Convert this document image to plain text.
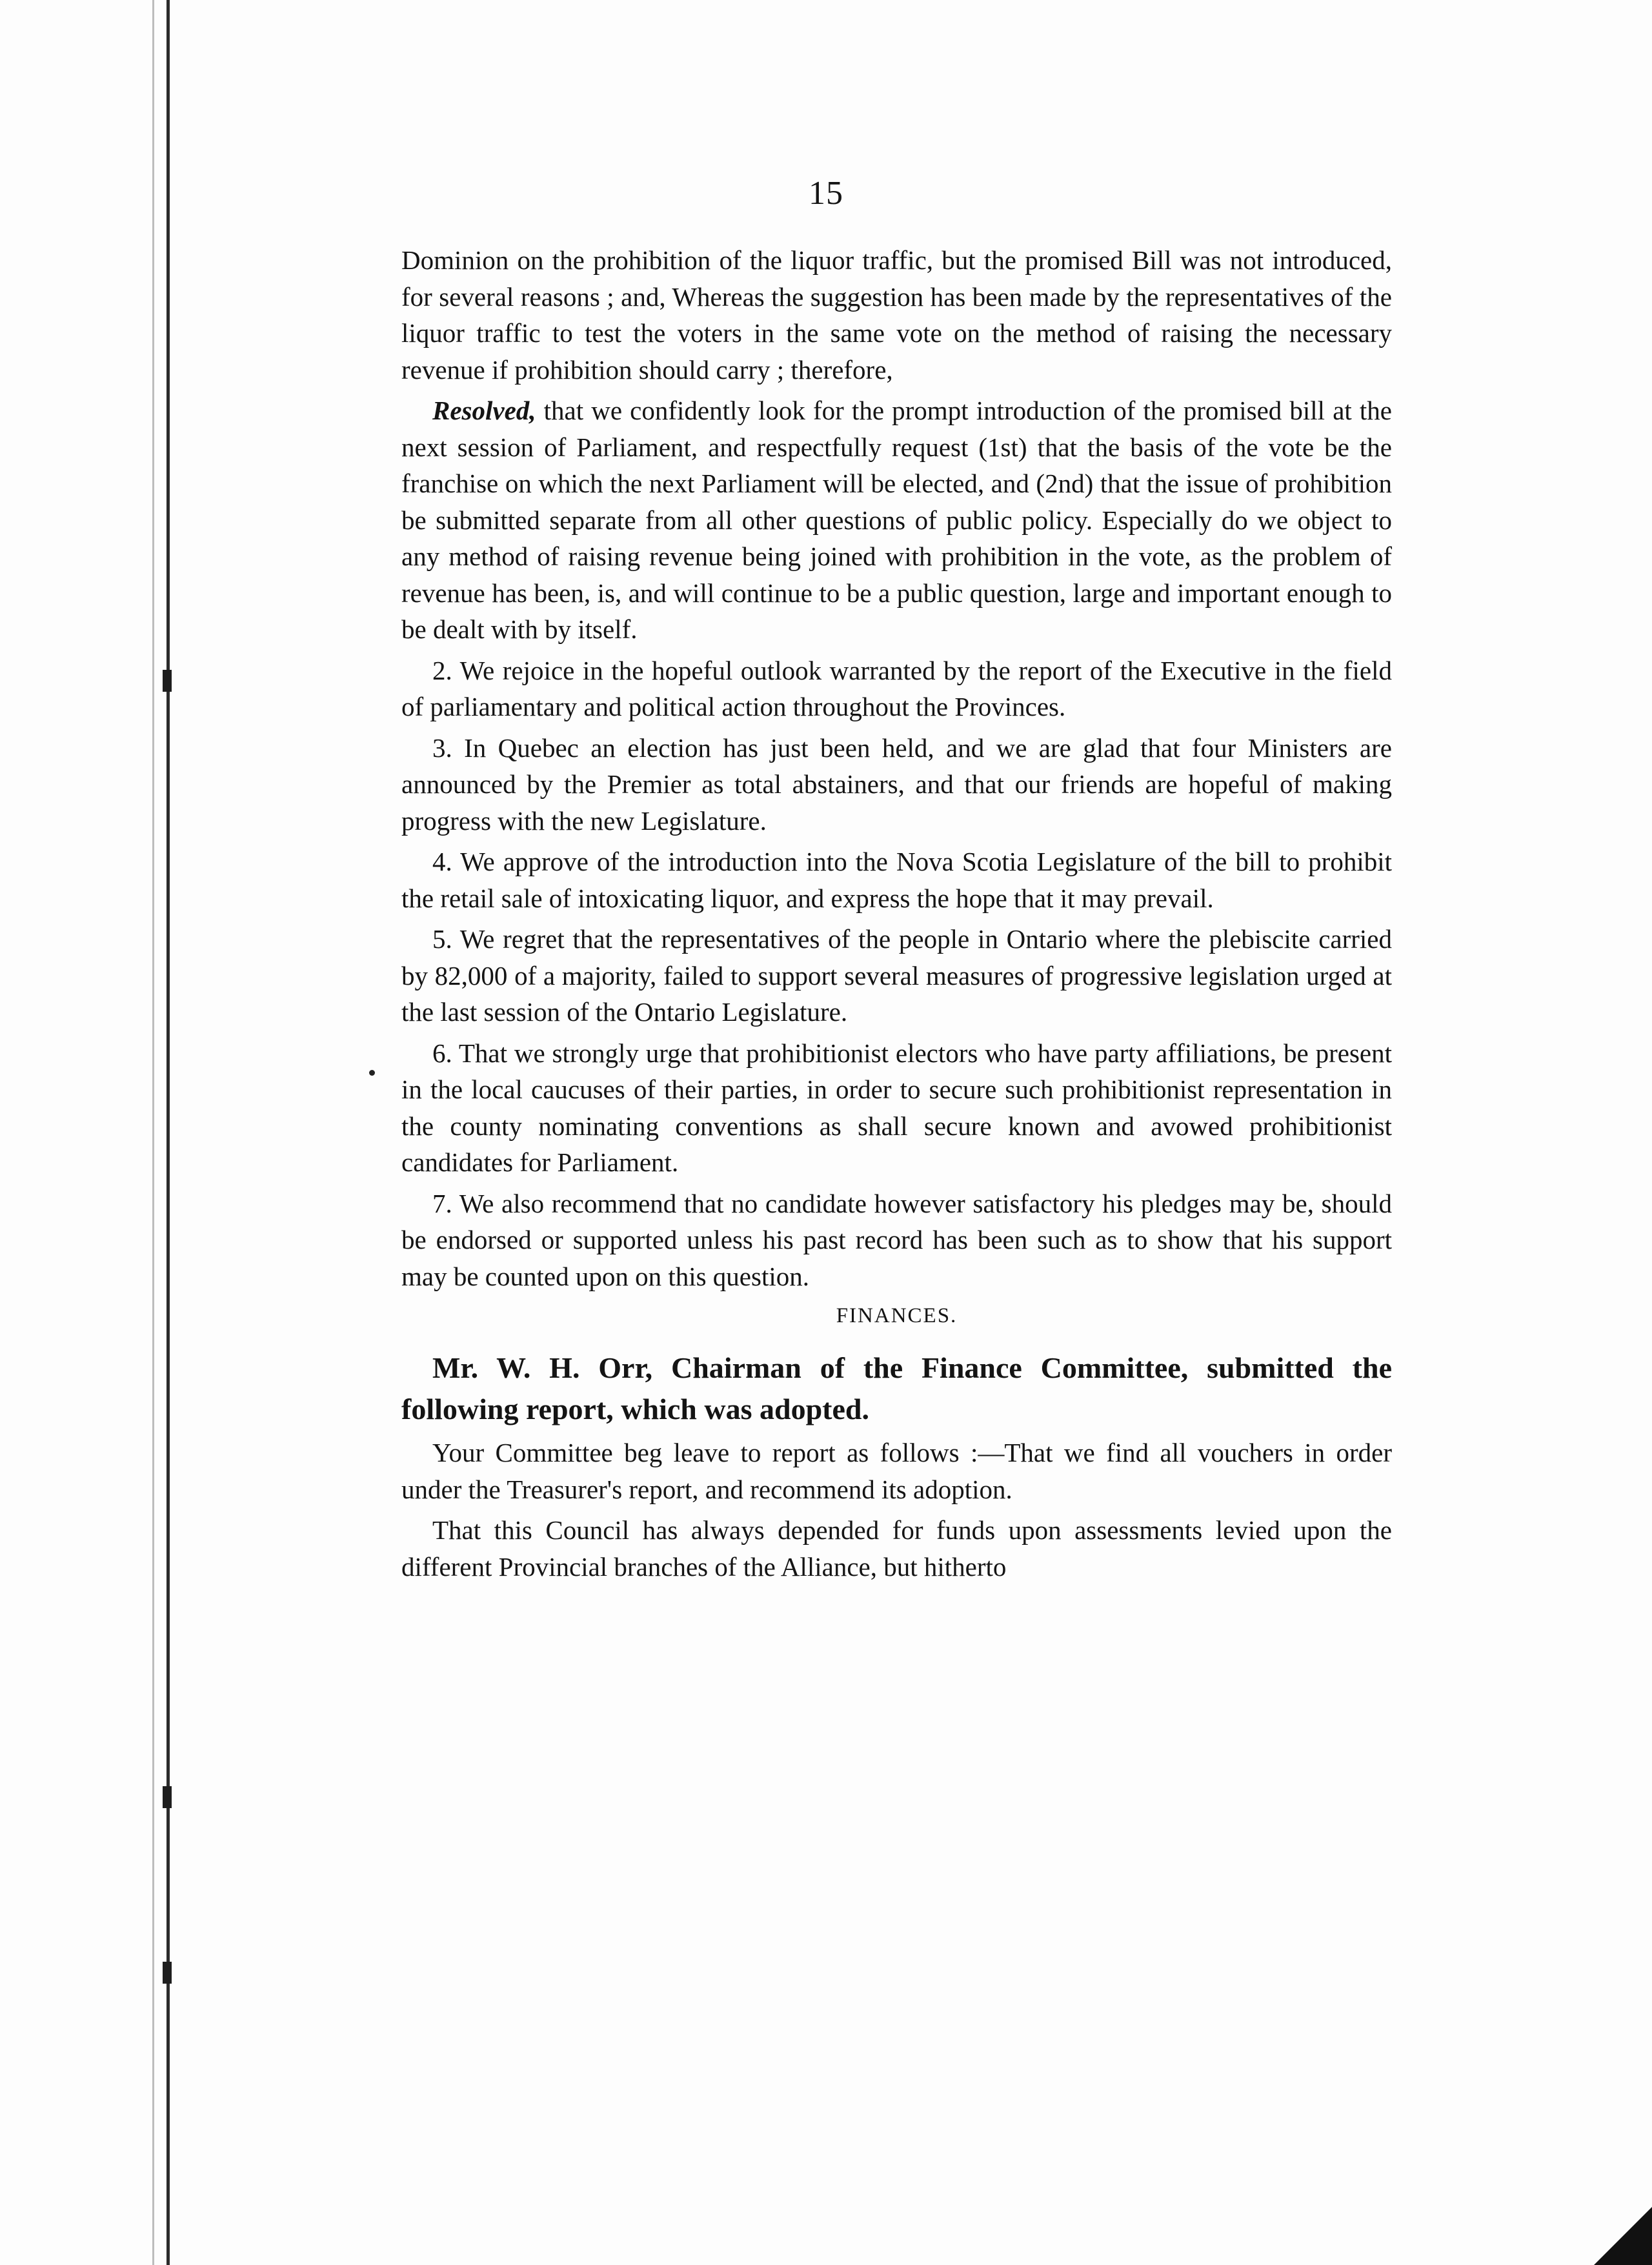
15

Dominion on the prohibition of the liquor traffic, but the promised Bill was not introduced, for several reasons ; and, Whereas the suggestion has been made by the representatives of the liquor traffic to test the voters in the same vote on the method of raising the necessary revenue if prohibition should carry ; therefore,

Resolved, that we confidently look for the prompt introduction of the promised bill at the next session of Parliament, and respectfully request (1st) that the basis of the vote be the franchise on which the next Parliament will be elected, and (2nd) that the issue of prohibition be submitted separate from all other questions of public policy. Especially do we object to any method of raising revenue being joined with prohibition in the vote, as the problem of revenue has been, is, and will continue to be a public question, large and important enough to be dealt with by itself.

2. We rejoice in the hopeful outlook warranted by the report of the Executive in the field of parliamentary and political action throughout the Provinces.

3. In Quebec an election has just been held, and we are glad that four Ministers are announced by the Premier as total abstainers, and that our friends are hopeful of making progress with the new Legislature.

4. We approve of the introduction into the Nova Scotia Legislature of the bill to prohibit the retail sale of intoxicating liquor, and express the hope that it may prevail.

5. We regret that the representatives of the people in Ontario where the plebiscite carried by 82,000 of a majority, failed to support several measures of progressive legislation urged at the last session of the Ontario Legislature.

6. That we strongly urge that prohibitionist electors who have party affiliations, be present in the local caucuses of their parties, in order to secure such prohibitionist representation in the county nominating conventions as shall secure known and avowed prohibitionist candidates for Parliament.

7. We also recommend that no candidate however satisfactory his pledges may be, should be endorsed or supported unless his past record has been such as to show that his support may be counted upon on this question.

FINANCES.

Mr. W. H. Orr, Chairman of the Finance Committee, submitted the following report, which was adopted.

Your Committee beg leave to report as follows :—That we find all vouchers in order under the Treasurer's report, and recommend its adoption.

That this Council has always depended for funds upon assessments levied upon the different Provincial branches of the Alliance, but hitherto
